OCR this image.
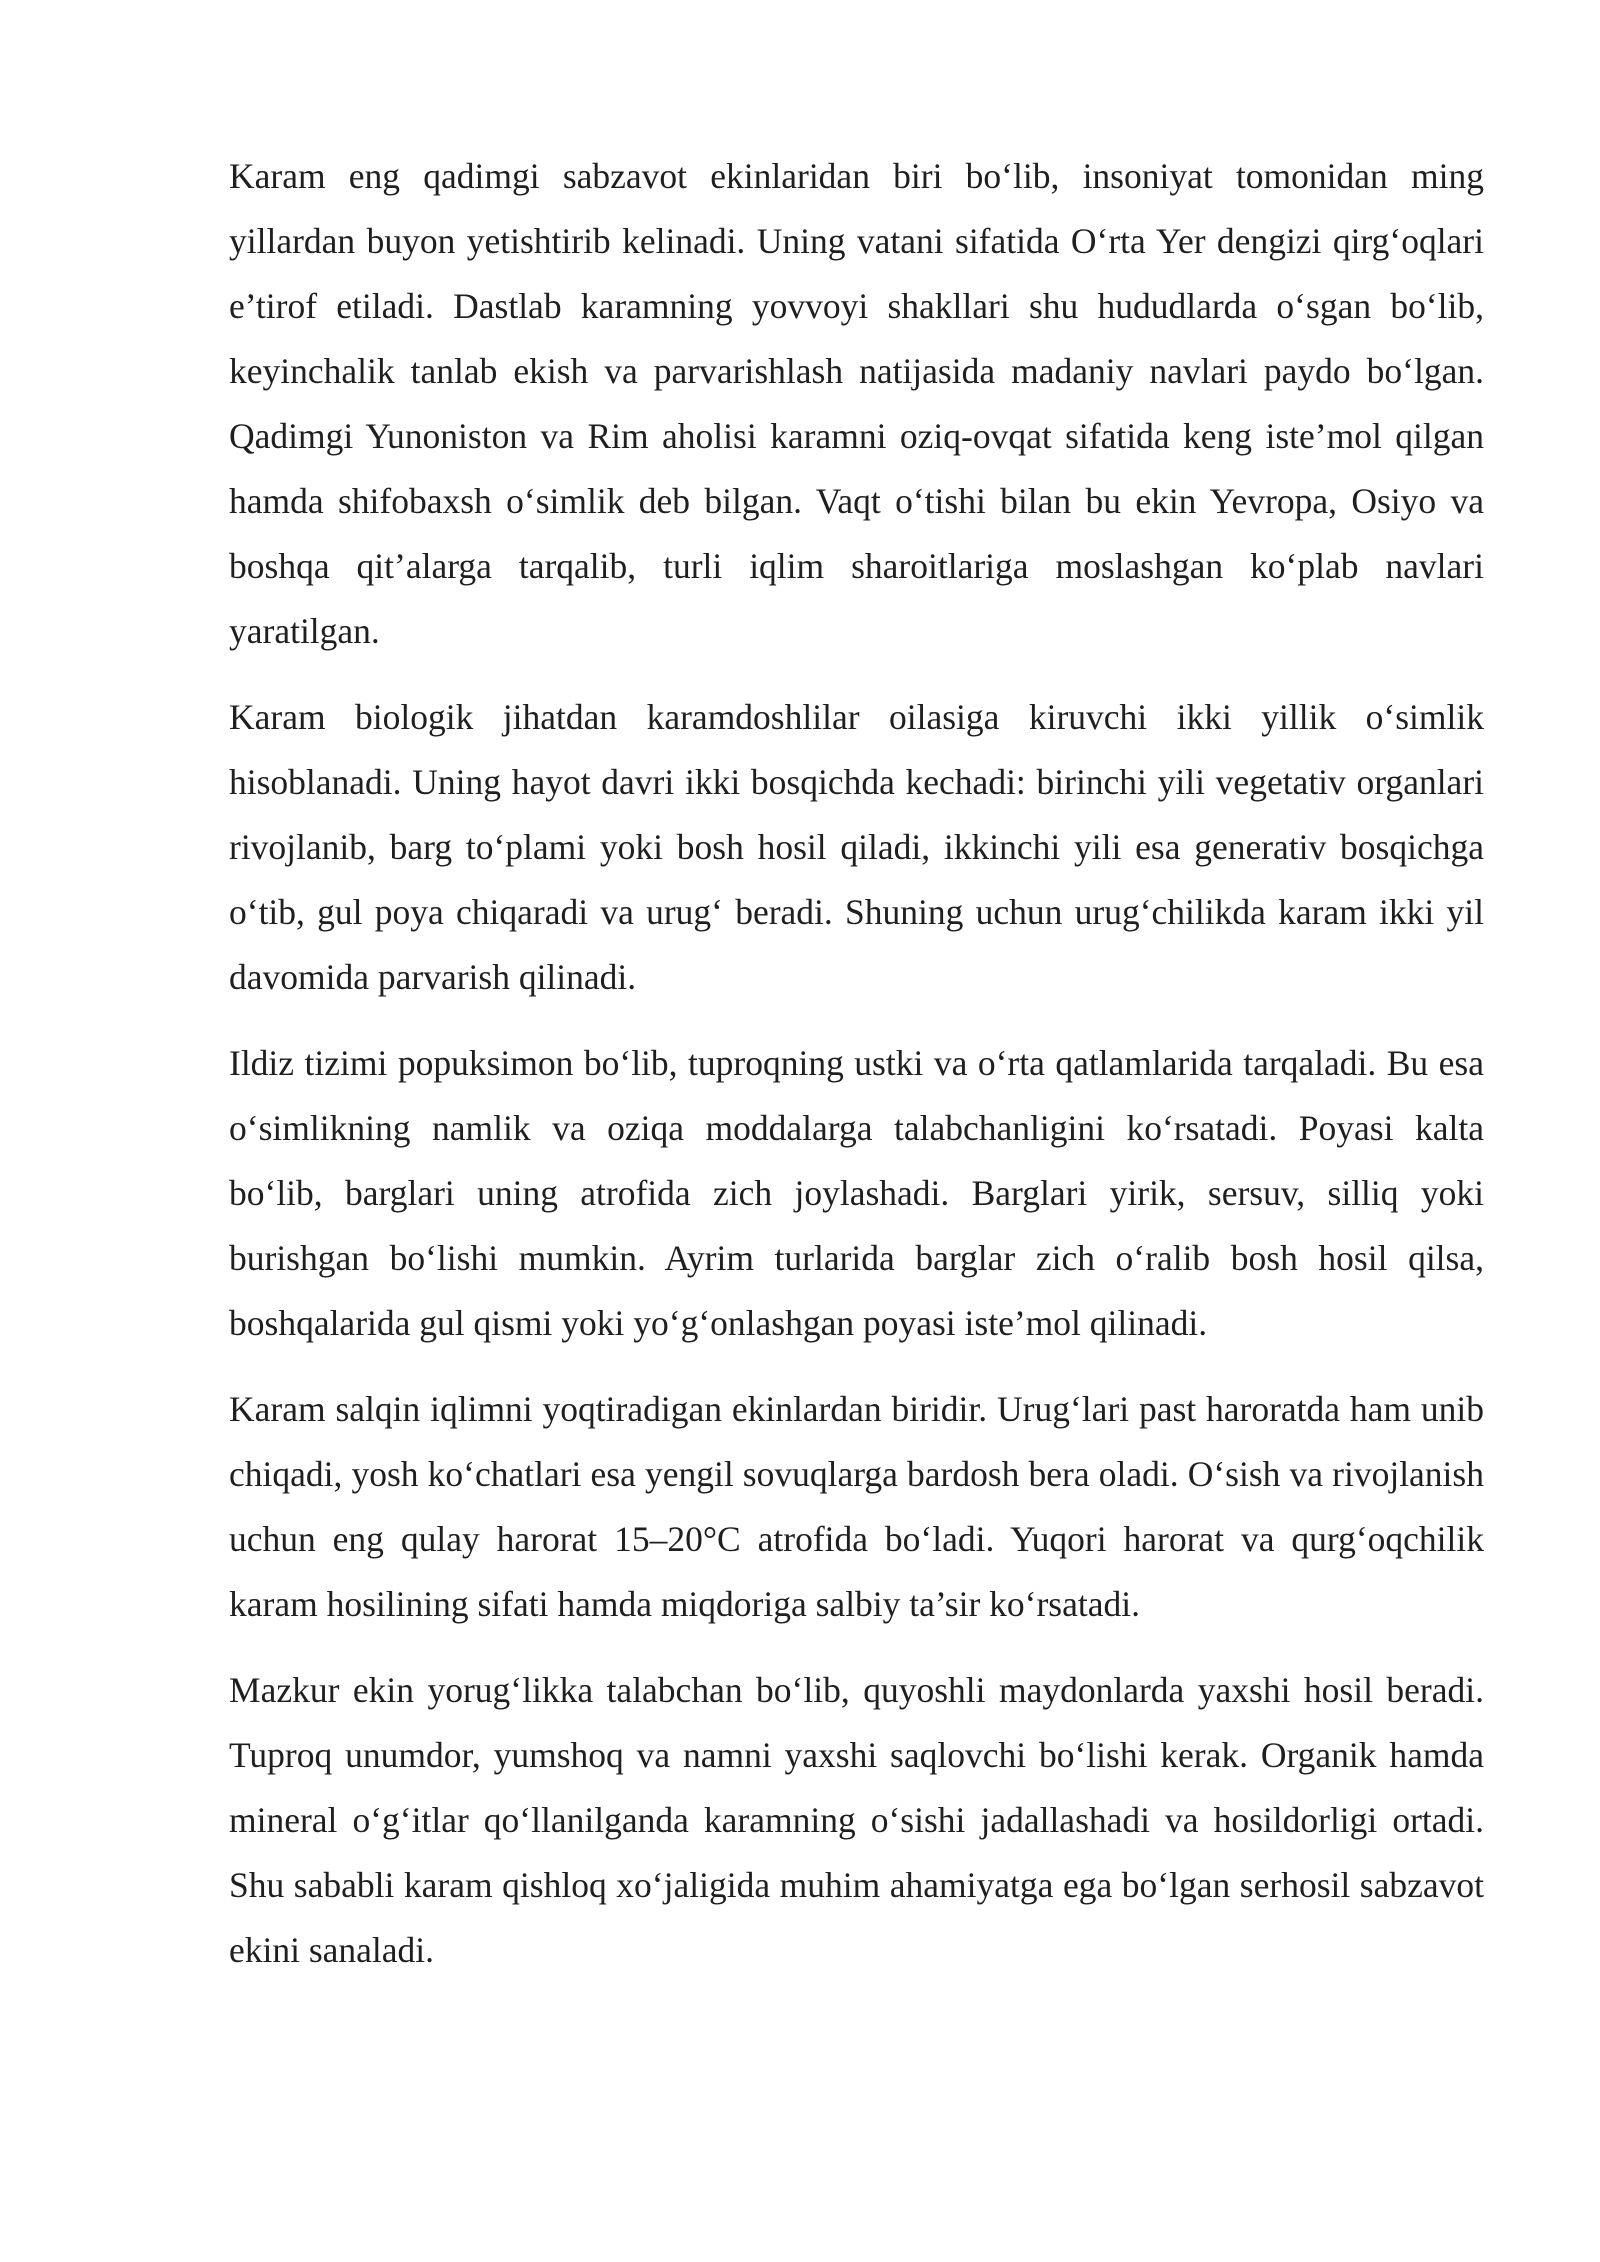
Karam eng qadimgi sabzavot ekinlaridan biri bo‘lib, insoniyat tomonidan ming yillardan buyon yetishtirib kelinadi. Uning vatani sifatida O‘rta Yer dengizi qirg‘oqlari e’tirof etiladi. Dastlab karamning yovvoyi shakllari shu hududlarda o‘sgan bo‘lib, keyinchalik tanlab ekish va parvarishlash natijasida madaniy navlari paydo bo‘lgan. Qadimgi Yunoniston va Rim aholisi karamni oziq-ovqat sifatida keng iste’mol qilgan hamda shifobaxsh o‘simlik deb bilgan. Vaqt o‘tishi bilan bu ekin Yevropa, Osiyo va boshqa qit’alarga tarqalib, turli iqlim sharoitlariga moslashgan ko‘plab navlari yaratilgan.

Karam biologik jihatdan karamdoshlilar oilasiga kiruvchi ikki yillik o‘simlik hisoblanadi. Uning hayot davri ikki bosqichda kechadi: birinchi yili vegetativ organlari rivojlanib, barg to‘plami yoki bosh hosil qiladi, ikkinchi yili esa generativ bosqichga o‘tib, gul poya chiqaradi va urug‘ beradi. Shuning uchun urug‘chilikda karam ikki yil davomida parvarish qilinadi.

Ildiz tizimi popuksimon bo‘lib, tuproqning ustki va o‘rta qatlamlarida tarqaladi. Bu esa o‘simlikning namlik va oziqa moddalarga talabchanligini ko‘rsatadi. Poyasi kalta bo‘lib, barglari uning atrofida zich joylashadi. Barglari yirik, sersuv, silliq yoki burishgan bo‘lishi mumkin. Ayrim turlarida barglar zich o‘ralib bosh hosil qilsa, boshqalarida gul qismi yoki yo‘g‘onlashgan poyasi iste’mol qilinadi.

Karam salqin iqlimni yoqtiradigan ekinlardan biridir. Urug‘lari past haroratda ham unib chiqadi, yosh ko‘chatlari esa yengil sovuqlarga bardosh bera oladi. O‘sish va rivojlanish uchun eng qulay harorat 15–20°C atrofida bo‘ladi. Yuqori harorat va qurg‘oqchilik karam hosilining sifati hamda miqdoriga salbiy ta’sir ko‘rsatadi.

Mazkur ekin yorug‘likka talabchan bo‘lib, quyoshli maydonlarda yaxshi hosil beradi. Tuproq unumdor, yumshoq va namni yaxshi saqlovchi bo‘lishi kerak. Organik hamda mineral o‘g‘itlar qo‘llanilganda karamning o‘sishi jadallashadi va hosildorligi ortadi. Shu sababli karam qishloq xo‘jaligida muhim ahamiyatga ega bo‘lgan serhosil sabzavot ekini sanaladi.
